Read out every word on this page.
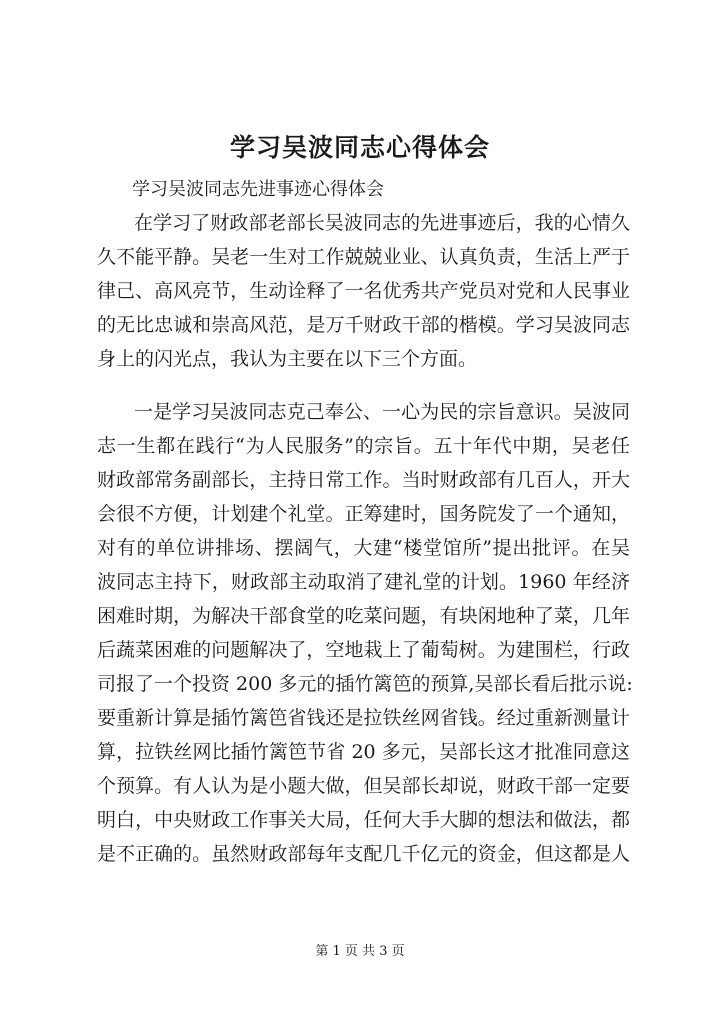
学习吴波同志心得体会

学习吴波同志先进事迹心得体会

在学习了财政部老部长吴波同志的先进事迹后，我的心情久
久不能平静。吴老一生对工作兢兢业业、认真负责，生活上严于
律己、高风亮节，生动诠释了一名优秀共产党员对党和人民事业
的无比忠诚和崇高风范，是万千财政干部的楷模。学习吴波同志
身上的闪光点，我认为主要在以下三个方面。
一是学习吴波同志克己奉公、一心为民的宗旨意识。吴波同
志一生都在践行“为人民服务”的宗旨。五十年代中期，吴老任
财政部常务副部长，主持日常工作。当时财政部有几百人，开大
会很不方便，计划建个礼堂。正筹建时，国务院发了一个通知，
对有的单位讲排场、摆阔气，大建“楼堂馆所”提出批评。在吴
波同志主持下，财政部主动取消了建礼堂的计划。1960 年经济
困难时期，为解决干部食堂的吃菜问题，有块闲地种了菜，几年
后蔬菜困难的问题解决了，空地栽上了葡萄树。为建围栏，行政
司报了一个投资 200 多元的插竹篱笆的预算,吴部长看后批示说:
要重新计算是插竹篱笆省钱还是拉铁丝网省钱。经过重新测量计
算，拉铁丝网比插竹篱笆节省 20 多元，吴部长这才批准同意这
个预算。有人认为是小题大做，但吴部长却说，财政干部一定要
明白，中央财政工作事关大局，任何大手大脚的想法和做法，都
是不正确的。虽然财政部每年支配几千亿元的资金，但这都是人

第 1 页 共 3 页
